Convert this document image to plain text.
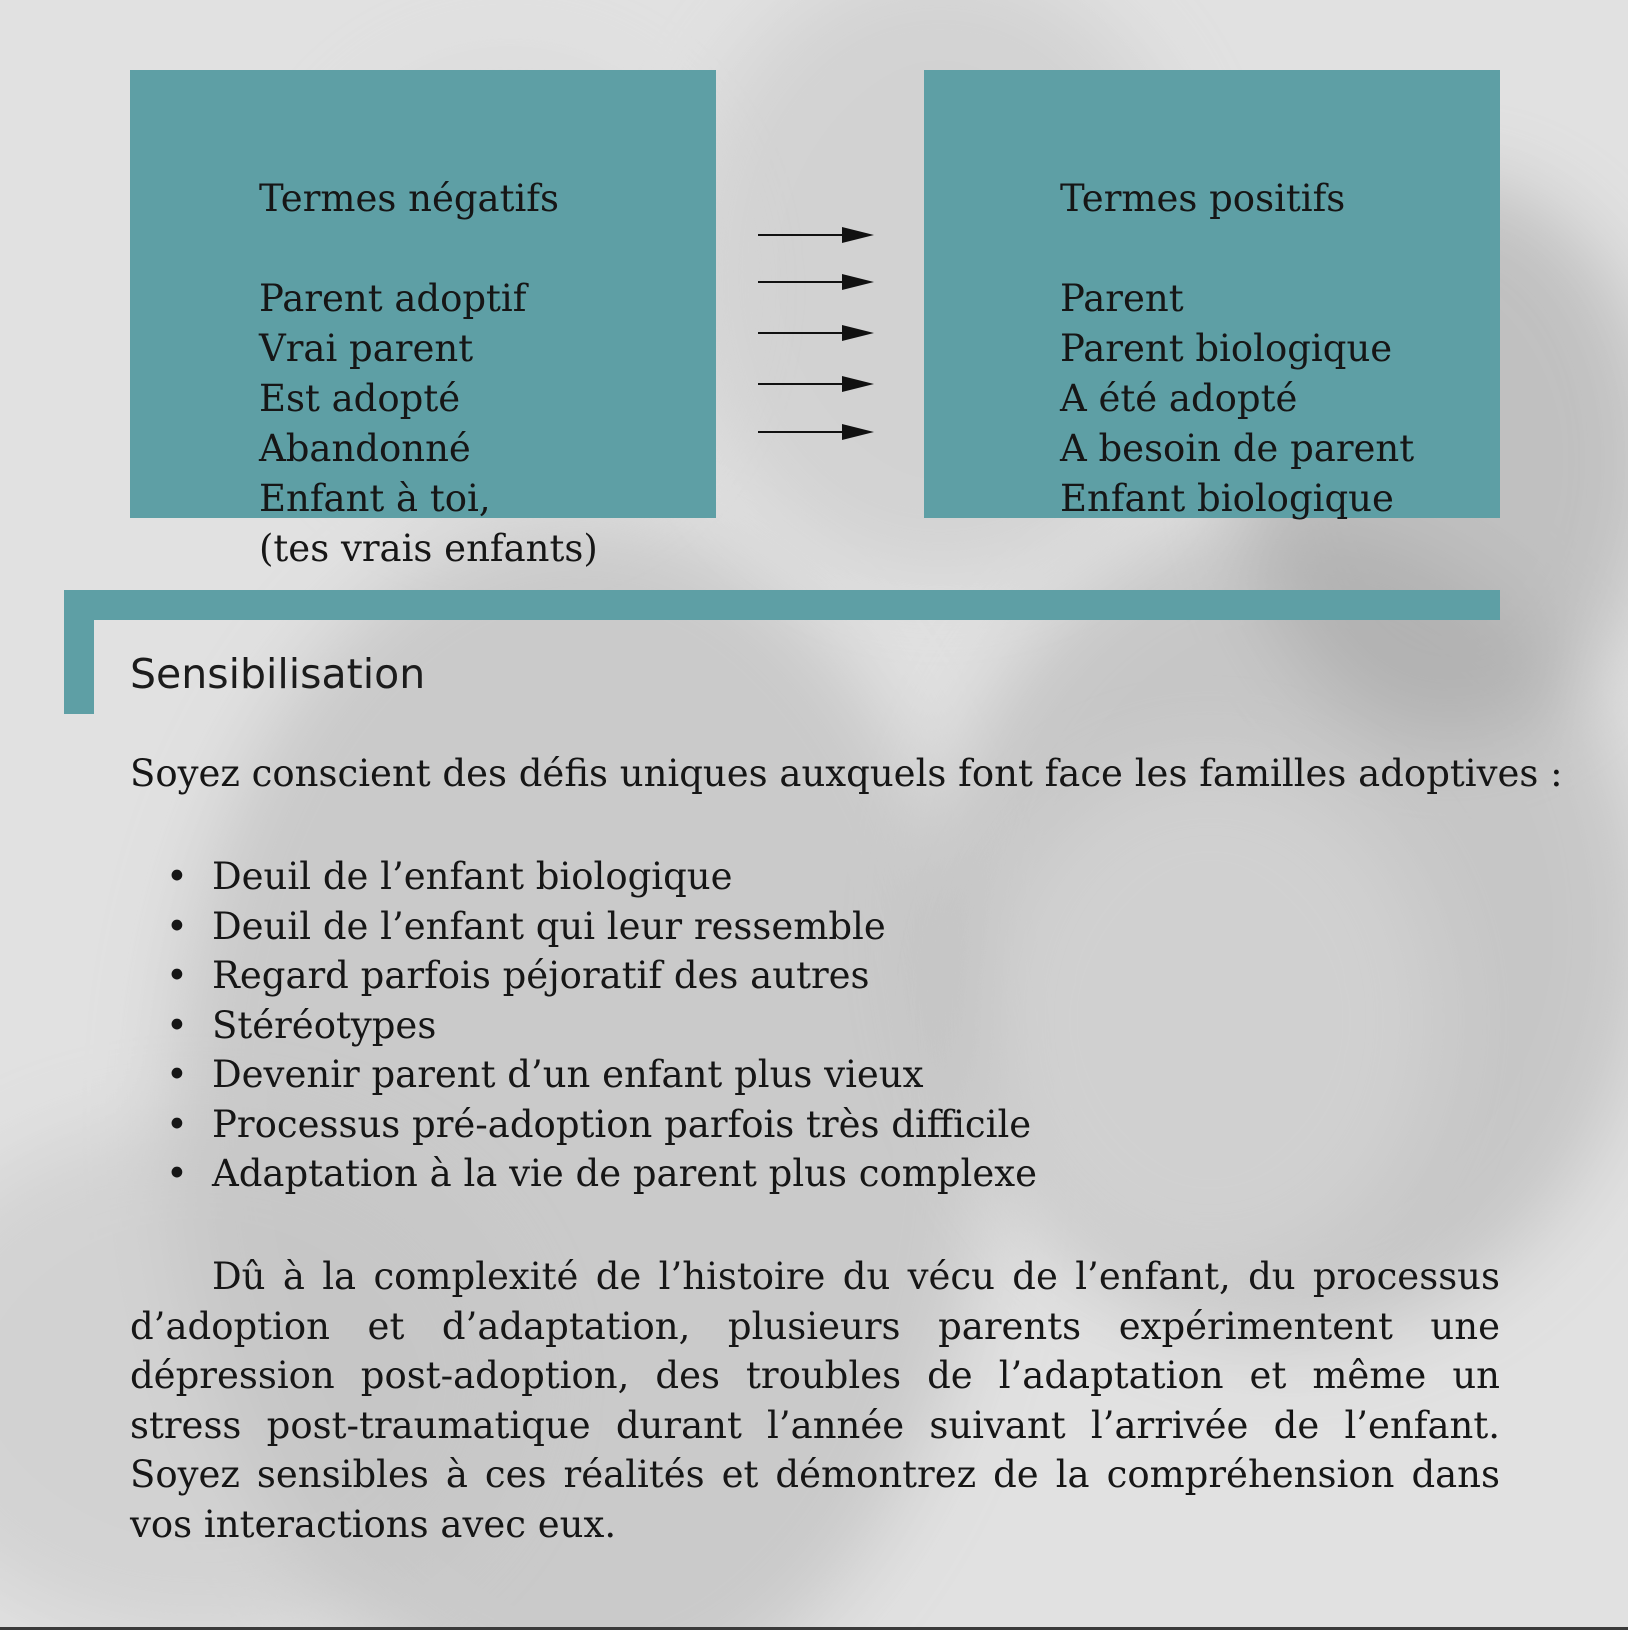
Termes négatifs
Parent adoptif
Vrai parent
Est adopté
Abandonné
Enfant à toi,
(tes vrais enfants)
Termes positifs
Parent
Parent biologique
A été adopté
A besoin de parent
Enfant biologique
Sensibilisation
Soyez conscient des défis uniques auxquels font face les familles adoptives :
• Deuil de l’enfant biologique
• Deuil de l’enfant qui leur ressemble
• Regard parfois péjoratif des autres
• Stéréotypes
• Devenir parent d’un enfant plus vieux
• Processus pré-adoption parfois très difficile
• Adaptation à la vie de parent plus complexe

Dû à la complexité de l’histoire du vécu de l’enfant, du processus d’adoption et d’adaptation, plusieurs parents expérimentent une dépression post-adoption, des troubles de l’adaptation et même un stress post-traumatique durant l’année suivant l’arrivée de l’enfant. Soyez sensibles à ces réalités et démontrez de la compréhension dans vos interactions avec eux.
